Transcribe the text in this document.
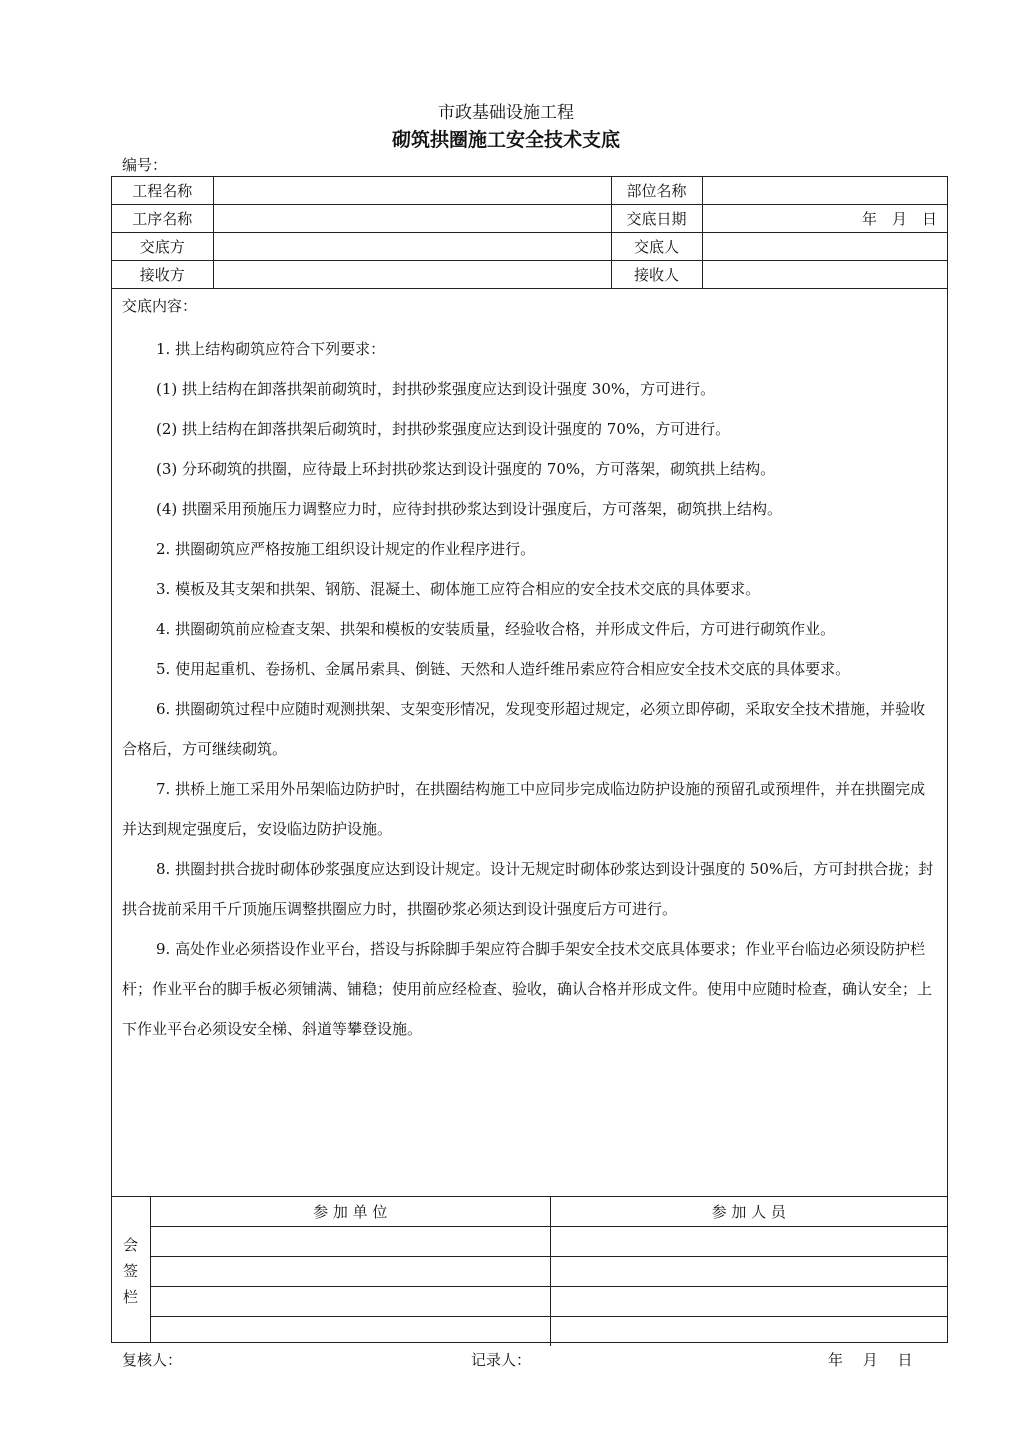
市政基础设施工程
砌筑拱圈施工安全技术支底
编号：
工程名称		部位名称	
工序名称		交底日期	年　月　日
交底方		交底人	
接收方		接收人	
交底内容：

1. 拱上结构砌筑应符合下列要求：

(1) 拱上结构在卸落拱架前砌筑时，封拱砂浆强度应达到设计强度 30%，方可进行。

(2) 拱上结构在卸落拱架后砌筑时，封拱砂浆强度应达到设计强度的 70%，方可进行。

(3) 分环砌筑的拱圈，应待最上环封拱砂浆达到设计强度的 70%，方可落架，砌筑拱上结构。

(4) 拱圈采用预施压力调整应力时，应待封拱砂浆达到设计强度后，方可落架，砌筑拱上结构。

2. 拱圈砌筑应严格按施工组织设计规定的作业程序进行。

3. 模板及其支架和拱架、钢筋、混凝土、砌体施工应符合相应的安全技术交底的具体要求。

4. 拱圈砌筑前应检查支架、拱架和模板的安装质量，经验收合格，并形成文件后，方可进行砌筑作业。

5. 使用起重机、卷扬机、金属吊索具、倒链、天然和人造纤维吊索应符合相应安全技术交底的具体要求。

6. 拱圈砌筑过程中应随时观测拱架、支架变形情况，发现变形超过规定，必须立即停砌，采取安全技术措施，并验收合格后，方可继续砌筑。

7. 拱桥上施工采用外吊架临边防护时，在拱圈结构施工中应同步完成临边防护设施的预留孔或预埋件，并在拱圈完成并达到规定强度后，安设临边防护设施。

8. 拱圈封拱合拢时砌体砂浆强度应达到设计规定。设计无规定时砌体砂浆达到设计强度的 50%后，方可封拱合拢；封拱合拢前采用千斤顶施压调整拱圈应力时，拱圈砂浆必须达到设计强度后方可进行。

9. 高处作业必须搭设作业平台，搭设与拆除脚手架应符合脚手架安全技术交底具体要求；作业平台临边必须设防护栏杆；作业平台的脚手板必须铺满、铺稳；使用前应经检查、验收，确认合格并形成文件。使用中应随时检查，确认安全；上下作业平台必须设安全梯、斜道等攀登设施。

会
签
栏
参 加 单 位	参 加 人 员

复核人：	记录人：	年　 月　 日
